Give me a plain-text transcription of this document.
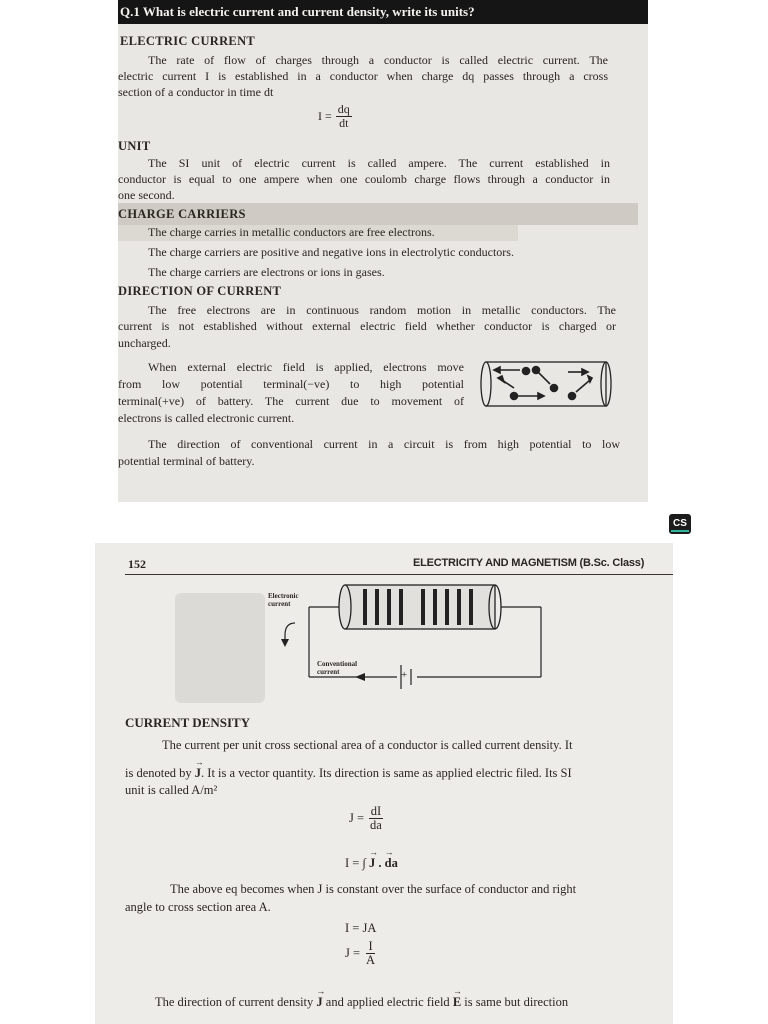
Q.1 What is electric current and current density, write its units?
ELECTRIC CURRENT
The rate of flow of charges through a conductor is called electric current. The
electric current I is established in a conductor when charge dq passes through a cross
section of a conductor in time dt
$I = \frac{dq}{dt}$
UNIT
The SI unit of electric current is called ampere. The current established in
conductor is equal to one ampere when one coulomb charge flows through a conductor in
one second.
CHARGE CARRIERS
The charge carries in metallic conductors are free electrons.
The charge carriers are positive and negative ions in electrolytic conductors.
The charge carriers are electrons or ions in gases.
DIRECTION OF CURRENT
The free electrons are in continuous random motion in metallic conductors. The
current is not established without external electric field whether conductor is charged or
uncharged.
When external electric field is applied, electrons move
from low potential terminal(−ve) to high potential
terminal(+ve) of battery. The current due to movement of
electrons is called electronic current.
The direction of conventional current in a circuit is from high potential to low
potential terminal of battery.
CS
152	ELECTRICITY AND MAGNETISM (B.Sc. Class)
Electronic current
Conventional current	+
CURRENT DENSITY
The current per unit cross sectional area of a conductor is called current density. It
is denoted by → J. It is a vector quantity. Its direction is same as applied electric filed. Its SI
unit is called A/m²
$J = \frac{dI}{da}$
I = ∫ → J . → da
The above eq becomes when J is constant over the surface of conductor and right
angle to cross section area A.
I = JA
$J = \frac{I}{A}$
The direction of current density → J and applied electric field → E is same but direction
